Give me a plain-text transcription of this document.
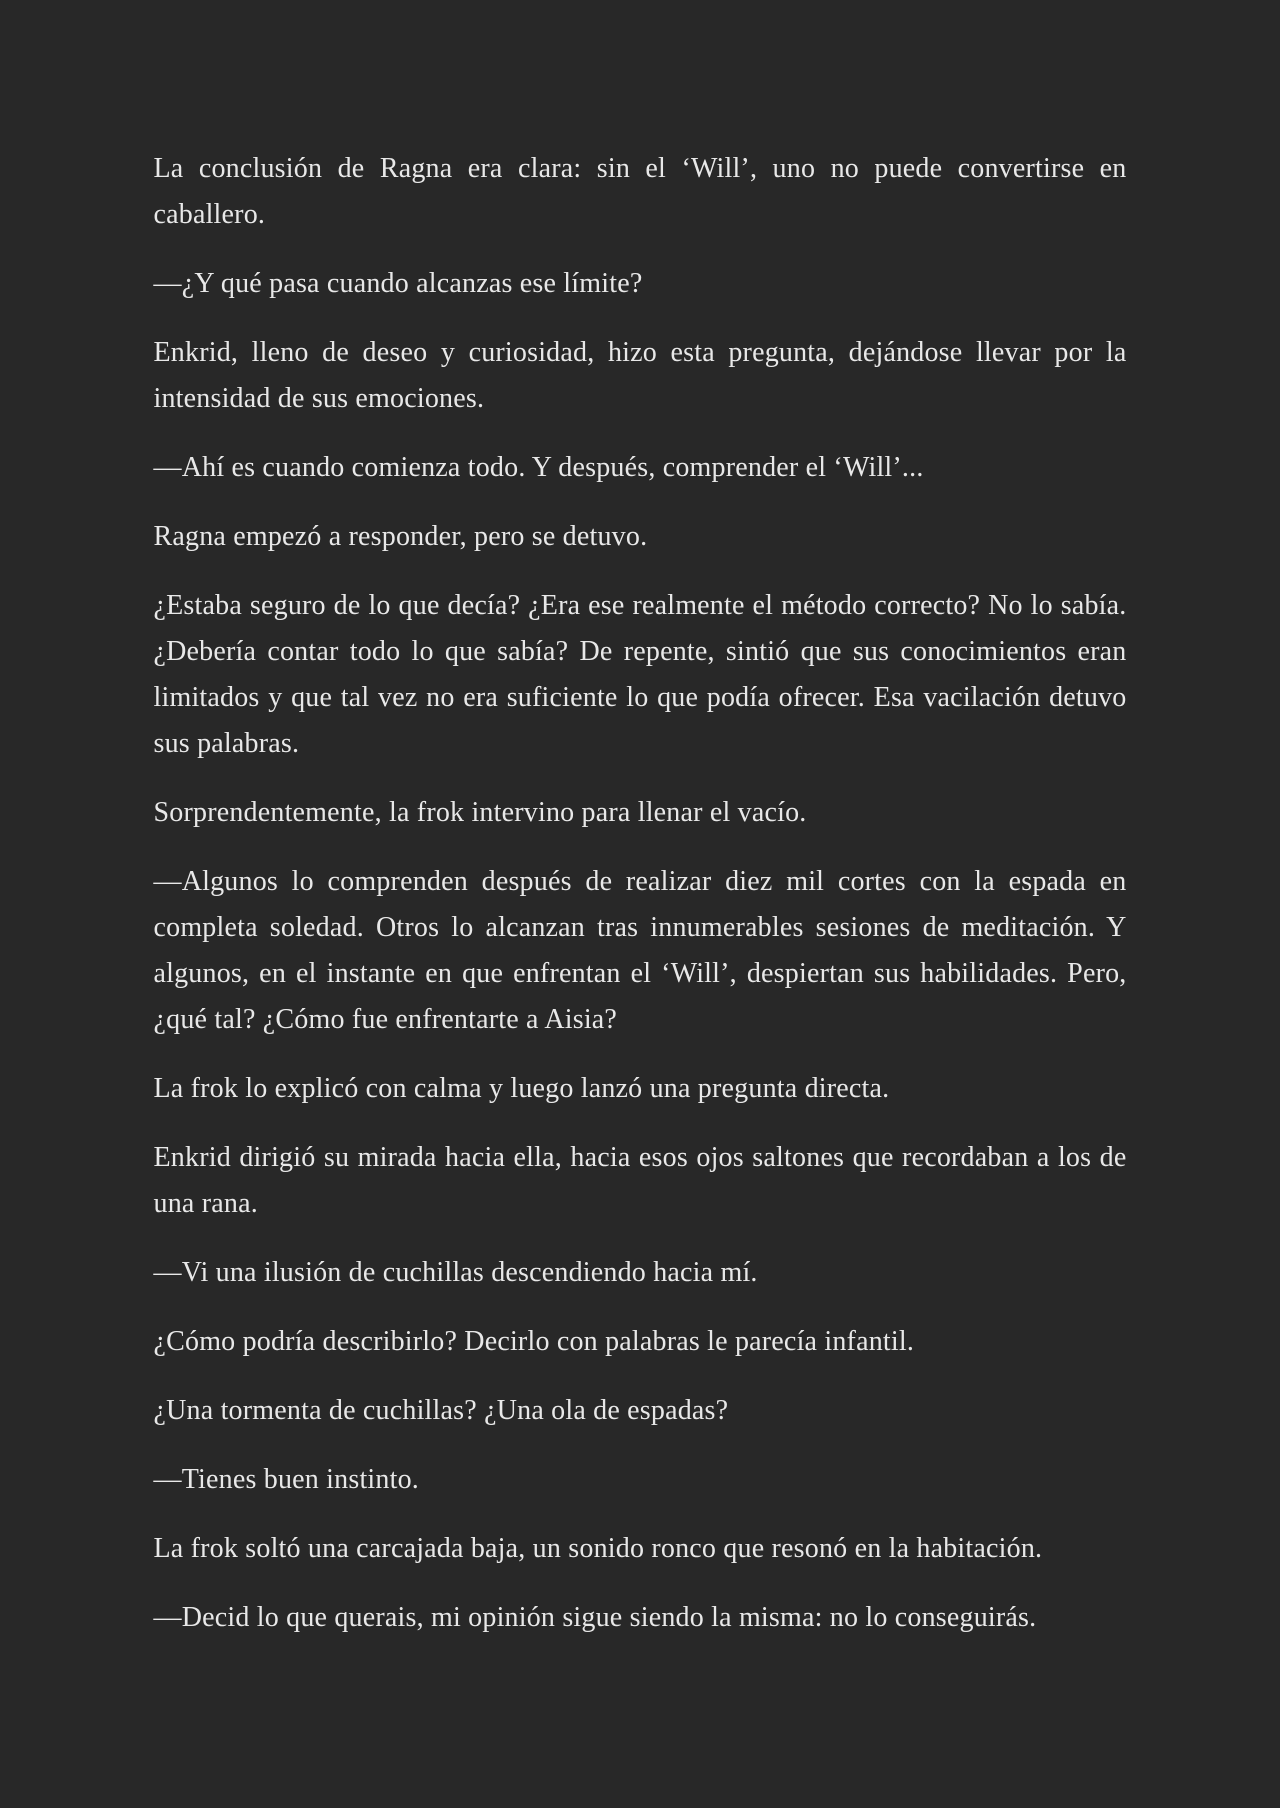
La conclusión de Ragna era clara: sin el ‘Will’, uno no puede convertirse en caballero.

—¿Y qué pasa cuando alcanzas ese límite?

Enkrid, lleno de deseo y curiosidad, hizo esta pregunta, dejándose llevar por la intensidad de sus emociones.

—Ahí es cuando comienza todo. Y después, comprender el ‘Will’...

Ragna empezó a responder, pero se detuvo.

¿Estaba seguro de lo que decía? ¿Era ese realmente el método correcto? No lo sabía. ¿Debería contar todo lo que sabía? De repente, sintió que sus conocimientos eran limitados y que tal vez no era suficiente lo que podía ofrecer. Esa vacilación detuvo sus palabras.

Sorprendentemente, la frok intervino para llenar el vacío.

—Algunos lo comprenden después de realizar diez mil cortes con la espada en completa soledad. Otros lo alcanzan tras innumerables sesiones de meditación. Y algunos, en el instante en que enfrentan el ‘Will’, despiertan sus habilidades. Pero, ¿qué tal? ¿Cómo fue enfrentarte a Aisia?

La frok lo explicó con calma y luego lanzó una pregunta directa.

Enkrid dirigió su mirada hacia ella, hacia esos ojos saltones que recordaban a los de una rana.

—Vi una ilusión de cuchillas descendiendo hacia mí.

¿Cómo podría describirlo? Decirlo con palabras le parecía infantil.

¿Una tormenta de cuchillas? ¿Una ola de espadas?

—Tienes buen instinto.

La frok soltó una carcajada baja, un sonido ronco que resonó en la habitación.

—Decid lo que querais, mi opinión sigue siendo la misma: no lo conseguirás.
